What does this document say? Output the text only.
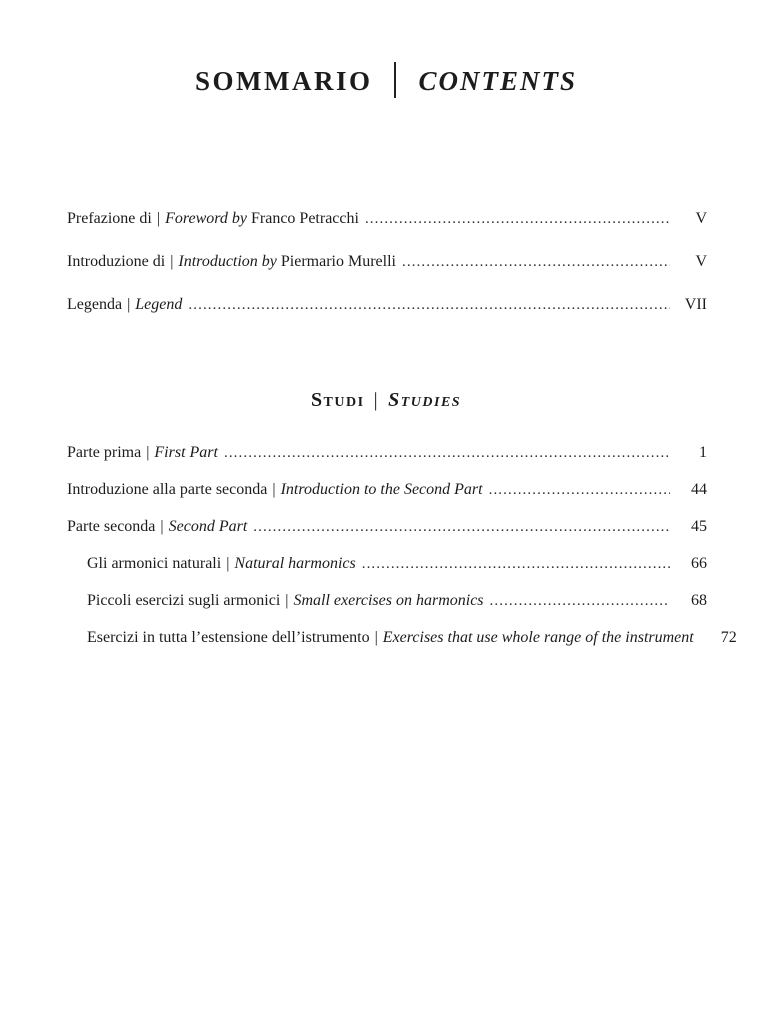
SOMMARIO CONTENTS
Prefazione di | Foreword by Franco Petracchi .....	V
Introduzione di | Introduction by Piermario Murelli .....	V
Legenda | Legend .....	VII
Studi | Studies
Parte prima | First Part .....	1
Introduzione alla parte seconda | Introduction to the Second Part .....	44
Parte seconda | Second Part .....	45
Gli armonici naturali | Natural harmonics .....	66
Piccoli esercizi sugli armonici | Small exercises on harmonics .....	68
Esercizi in tutta l’estensione dell’istrumento | Exercises that use whole range of the instrument	72
